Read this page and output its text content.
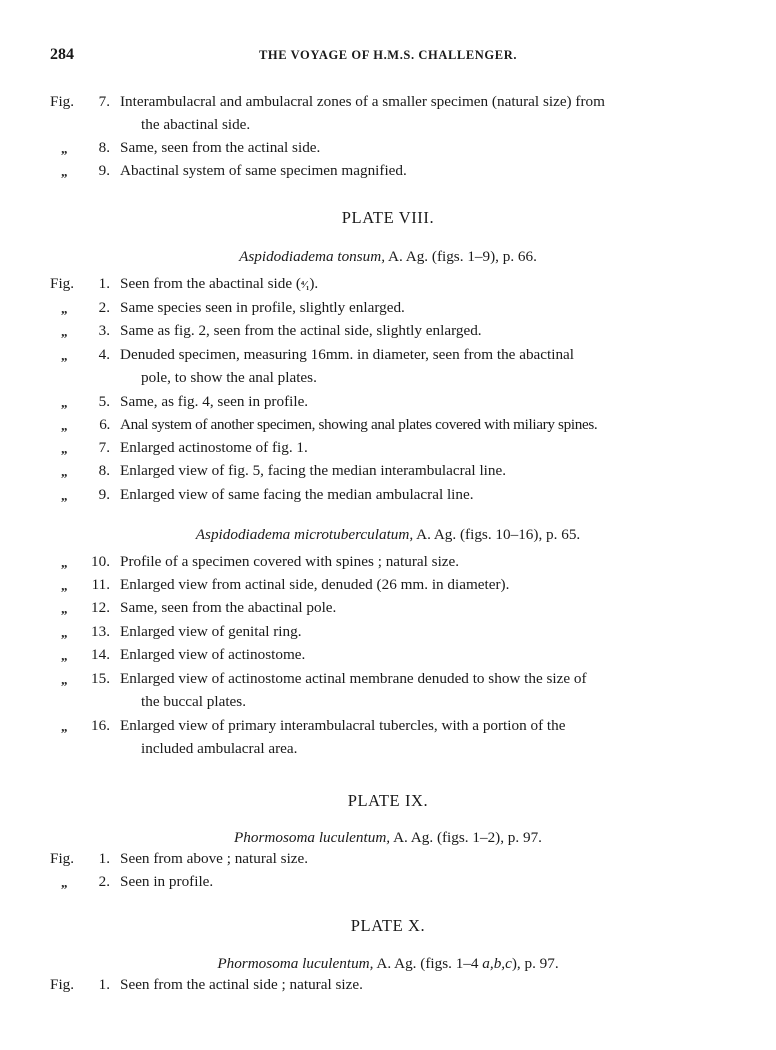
284	THE VOYAGE OF H.M.S. CHALLENGER.
Fig.	7. Interambulacral and ambulacral zones of a smaller specimen (natural size) from
the abactinal side.
„	8. Same, seen from the actinal side.
„	9. Abactinal system of same specimen magnified.
PLATE VIII.
Aspidodiadema tonsum, A. Ag. (figs. 1–9), p. 66.
Fig.	1. Seen from the abactinal side (⁴⁄₁).
„	2. Same species seen in profile, slightly enlarged.
„	3. Same as fig. 2, seen from the actinal side, slightly enlarged.
„	4. Denuded specimen, measuring 16mm. in diameter, seen from the abactinal
pole, to show the anal plates.
„	5. Same, as fig. 4, seen in profile.
„	6. Anal system of another specimen, showing anal plates covered with miliary spines.
„	7. Enlarged actinostome of fig. 1.
„	8. Enlarged view of fig. 5, facing the median interambulacral line.
„	9. Enlarged view of same facing the median ambulacral line.
Aspidodiadema microtuberculatum, A. Ag. (figs. 10–16), p. 65.
„	10. Profile of a specimen covered with spines ; natural size.
„	11. Enlarged view from actinal side, denuded (26 mm. in diameter).
„	12. Same, seen from the abactinal pole.
„	13. Enlarged view of genital ring.
„	14. Enlarged view of actinostome.
„	15. Enlarged view of actinostome actinal membrane denuded to show the size of
the buccal plates.
„	16. Enlarged view of primary interambulacral tubercles, with a portion of the
included ambulacral area.
PLATE IX.
Phormosoma luculentum, A. Ag. (figs. 1–2), p. 97.
Fig.	1. Seen from above ; natural size.
„	2. Seen in profile.
PLATE X.
Phormosoma luculentum, A. Ag. (figs. 1–4 a,b,c), p. 97.
Fig.	1. Seen from the actinal side ; natural size.
